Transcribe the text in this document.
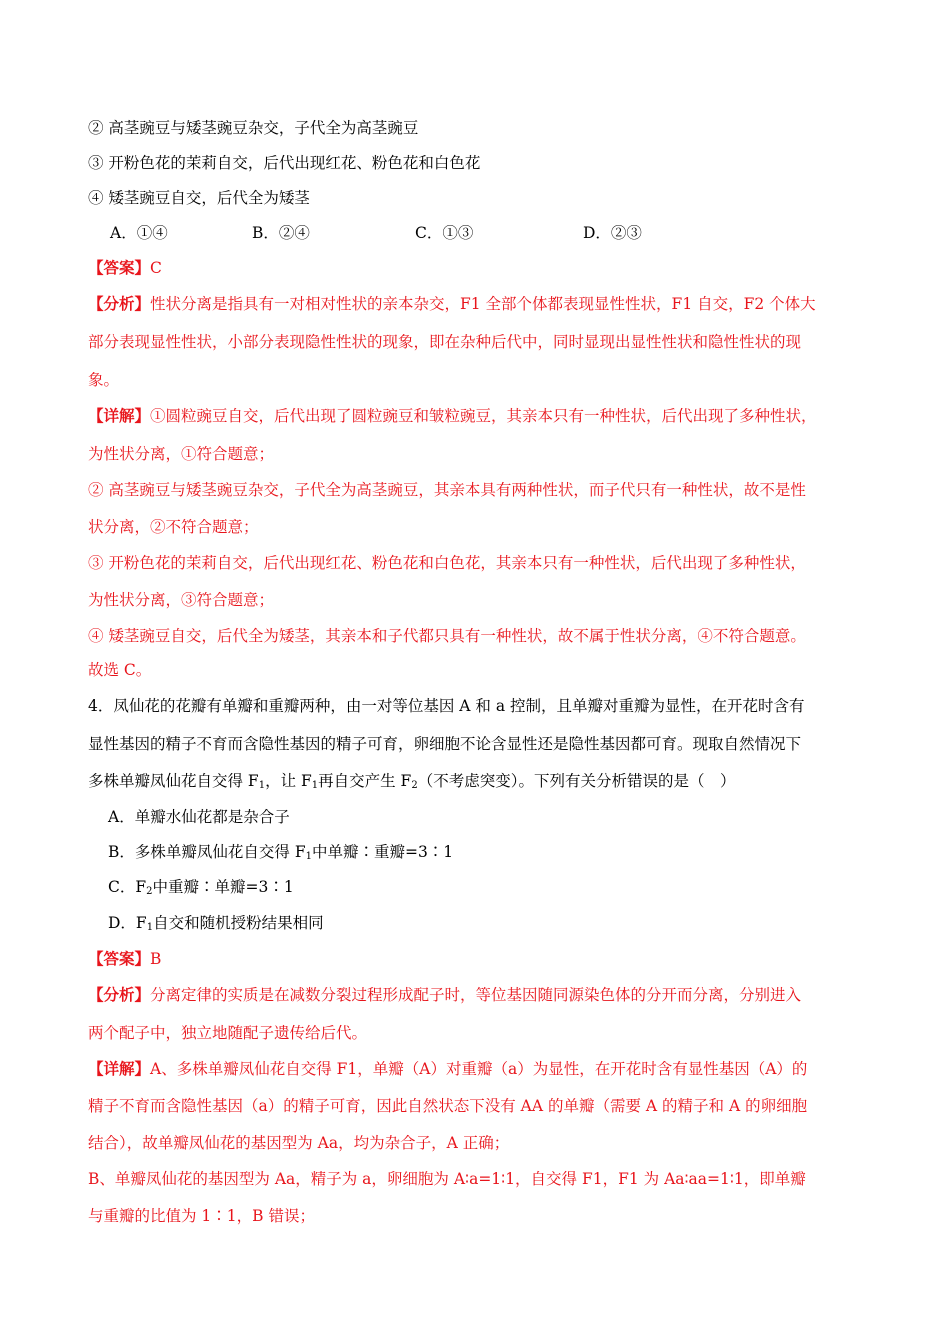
② 高茎豌豆与矮茎豌豆杂交，子代全为高茎豌豆
③ 开粉色花的茉莉自交，后代出现红花、粉色花和白色花
④ 矮茎豌豆自交，后代全为矮茎
A．①④	B．②④	C．①③	D．②③
【答案】C
【分析】性状分离是指具有一对相对性状的亲本杂交，F1 全部个体都表现显性性状，F1 自交，F2 个体大
部分表现显性性状，小部分表现隐性性状的现象，即在杂种后代中，同时显现出显性性状和隐性性状的现
象。
【详解】①圆粒豌豆自交，后代出现了圆粒豌豆和皱粒豌豆，其亲本只有一种性状，后代出现了多种性状，
为性状分离，①符合题意；
② 高茎豌豆与矮茎豌豆杂交，子代全为高茎豌豆，其亲本具有两种性状，而子代只有一种性状，故不是性
状分离，②不符合题意；
③ 开粉色花的茉莉自交，后代出现红花、粉色花和白色花，其亲本只有一种性状，后代出现了多种性状，
为性状分离，③符合题意；
④ 矮茎豌豆自交，后代全为矮茎，其亲本和子代都只具有一种性状，故不属于性状分离，④不符合题意。
故选 C。
4．凤仙花的花瓣有单瓣和重瓣两种，由一对等位基因 A 和 a 控制，且单瓣对重瓣为显性，在开花时含有
显性基因的精子不育而含隐性基因的精子可育，卵细胞不论含显性还是隐性基因都可育。现取自然情况下
多株单瓣凤仙花自交得 $F_1$，让 $F_1$再自交产生 $F_2$（不考虑突变）。下列有关分析错误的是（　）
A．单瓣水仙花都是杂合子
B．多株单瓣凤仙花自交得 $F_1$中单瓣∶重瓣=3∶1
C．$F_2$中重瓣∶单瓣=3∶1
D．$F_1$自交和随机授粉结果相同
【答案】B
【分析】分离定律的实质是在减数分裂过程形成配子时，等位基因随同源染色体的分开而分离，分别进入
两个配子中，独立地随配子遗传给后代。
【详解】A、多株单瓣凤仙花自交得 F1，单瓣（A）对重瓣（a）为显性，在开花时含有显性基因（A）的
精子不育而含隐性基因（a）的精子可育，因此自然状态下没有 AA 的单瓣（需要 A 的精子和 A 的卵细胞
结合），故单瓣凤仙花的基因型为 Aa，均为杂合子，A 正确；
B、单瓣凤仙花的基因型为 Aa，精子为 a，卵细胞为 A∶a=1∶1，自交得 F1，F1 为 Aa∶aa=1∶1，即单瓣
与重瓣的比值为 1∶1，B 错误；
